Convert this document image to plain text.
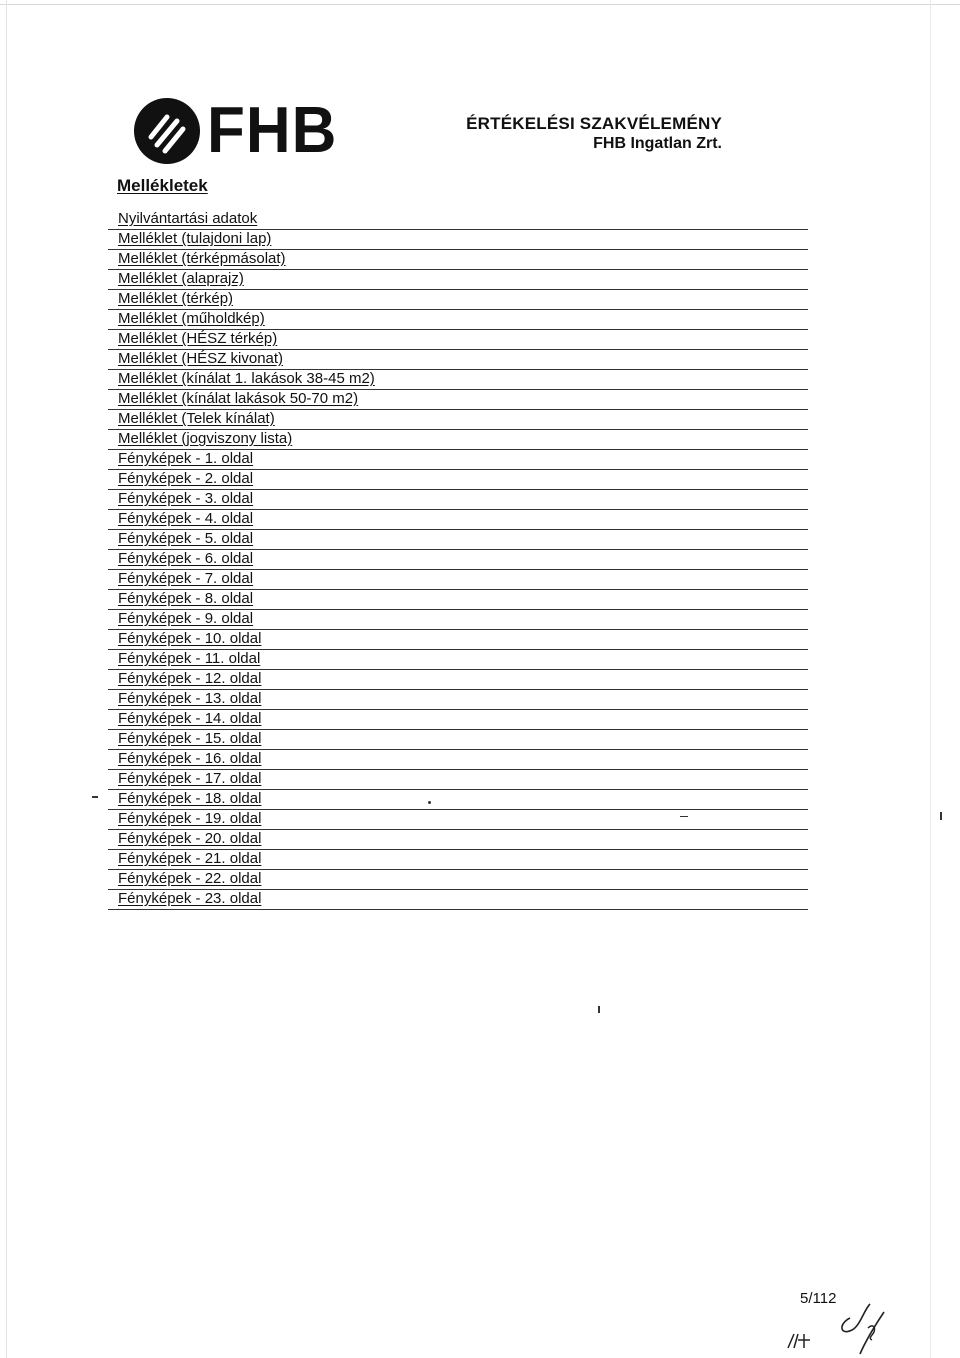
FHB	ÉRTÉKELÉSI SZAKVÉLEMÉNY
FHB Ingatlan Zrt.
Mellékletek
Nyilvántartási adatok
Melléklet (tulajdoni lap)
Melléklet (térképmásolat)
Melléklet (alaprajz)
Melléklet (térkép)
Melléklet (műholdkép)
Melléklet (HÉSZ térkép)
Melléklet (HÉSZ kivonat)
Melléklet (kínálat 1. lakások 38-45 m2)
Melléklet (kínálat lakások 50-70 m2)
Melléklet (Telek kínálat)
Melléklet (jogviszony lista)
Fényképek - 1. oldal
Fényképek - 2. oldal
Fényképek - 3. oldal
Fényképek - 4. oldal
Fényképek - 5. oldal
Fényképek - 6. oldal
Fényképek - 7. oldal
Fényképek - 8. oldal
Fényképek - 9. oldal
Fényképek - 10. oldal
Fényképek - 11. oldal
Fényképek - 12. oldal
Fényképek - 13. oldal
Fényképek - 14. oldal
Fényképek - 15. oldal
Fényképek - 16. oldal
Fényképek - 17. oldal
Fényképek - 18. oldal
Fényképek - 19. oldal
Fényképek - 20. oldal
Fényképek - 21. oldal
Fényképek - 22. oldal
Fényképek - 23. oldal
5/112
